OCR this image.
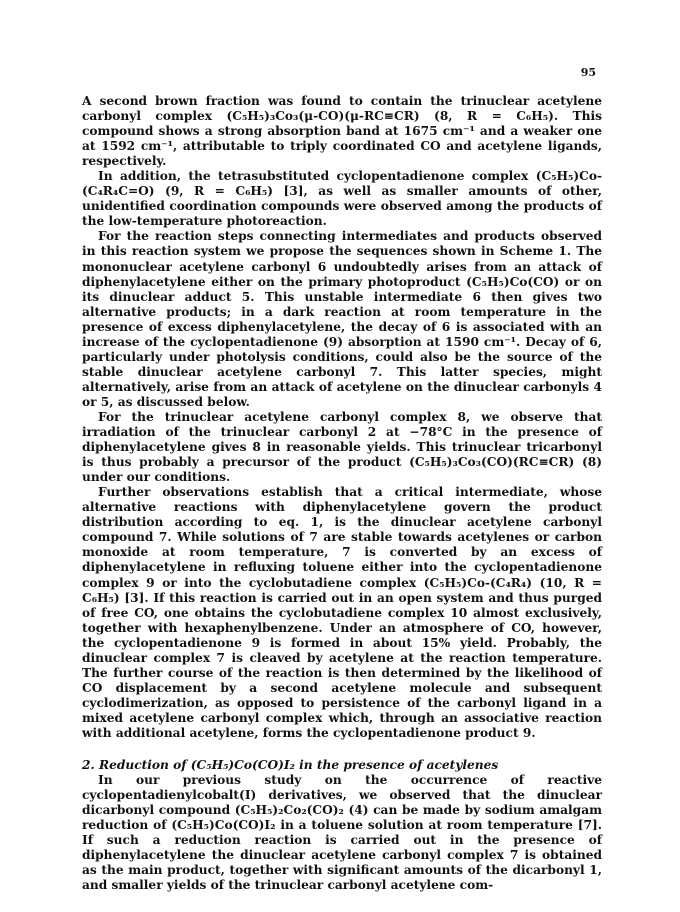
95

A second brown fraction was found to contain the trinuclear acetylene carbonyl complex (C₅H₅)₃Co₃(μ-CO)(μ-RC≡CR) (8, R = C₆H₅). This compound shows a strong absorption band at 1675 cm⁻¹ and a weaker one at 1592 cm⁻¹, attributable to triply coordinated CO and acetylene ligands, respectively.

In addition, the tetrasubstituted cyclopentadienone complex (C₅H₅)Co-(C₄R₄C=O) (9, R = C₆H₅) [3], as well as smaller amounts of other, unidentified coordination compounds were observed among the products of the low-temperature photoreaction.

For the reaction steps connecting intermediates and products observed in this reaction system we propose the sequences shown in Scheme 1. The mononuclear acetylene carbonyl 6 undoubtedly arises from an attack of diphenylacetylene either on the primary photoproduct (C₅H₅)Co(CO) or on its dinuclear adduct 5. This unstable intermediate 6 then gives two alternative products; in a dark reaction at room temperature in the presence of excess diphenylacetylene, the decay of 6 is associated with an increase of the cyclopentadienone (9) absorption at 1590 cm⁻¹. Decay of 6, particularly under photolysis conditions, could also be the source of the stable dinuclear acetylene carbonyl 7. This latter species, might alternatively, arise from an attack of acetylene on the dinuclear carbonyls 4 or 5, as discussed below.

For the trinuclear acetylene carbonyl complex 8, we observe that irradiation of the trinuclear carbonyl 2 at −78°C in the presence of diphenylacetylene gives 8 in reasonable yields. This trinuclear tricarbonyl is thus probably a precursor of the product (C₅H₅)₃Co₃(CO)(RC≡CR) (8) under our conditions.

Further observations establish that a critical intermediate, whose alternative reactions with diphenylacetylene govern the product distribution according to eq. 1, is the dinuclear acetylene carbonyl compound 7. While solutions of 7 are stable towards acetylenes or carbon monoxide at room temperature, 7 is converted by an excess of diphenylacetylene in refluxing toluene either into the cyclopentadienone complex 9 or into the cyclobutadiene complex (C₅H₅)Co-(C₄R₄) (10, R = C₆H₅) [3]. If this reaction is carried out in an open system and thus purged of free CO, one obtains the cyclobutadiene complex 10 almost exclusively, together with hexaphenylbenzene. Under an atmosphere of CO, however, the cyclopentadienone 9 is formed in about 15% yield. Probably, the dinuclear complex 7 is cleaved by acetylene at the reaction temperature. The further course of the reaction is then determined by the likelihood of CO displacement by a second acetylene molecule and subsequent cyclodimerization, as opposed to persistence of the carbonyl ligand in a mixed acetylene carbonyl complex which, through an associative reaction with additional acetylene, forms the cyclopentadienone product 9.

2. Reduction of (C₅H₅)Co(CO)I₂ in the presence of acetylenes

In our previous study on the occurrence of reactive cyclopentadienylcobalt(I) derivatives, we observed that the dinuclear dicarbonyl compound (C₅H₅)₂Co₂(CO)₂ (4) can be made by sodium amalgam reduction of (C₅H₅)Co(CO)I₂ in a toluene solution at room temperature [7]. If such a reduction reaction is carried out in the presence of diphenylacetylene the dinuclear acetylene carbonyl complex 7 is obtained as the main product, together with significant amounts of the dicarbonyl 1, and smaller yields of the trinuclear carbonyl acetylene com-
